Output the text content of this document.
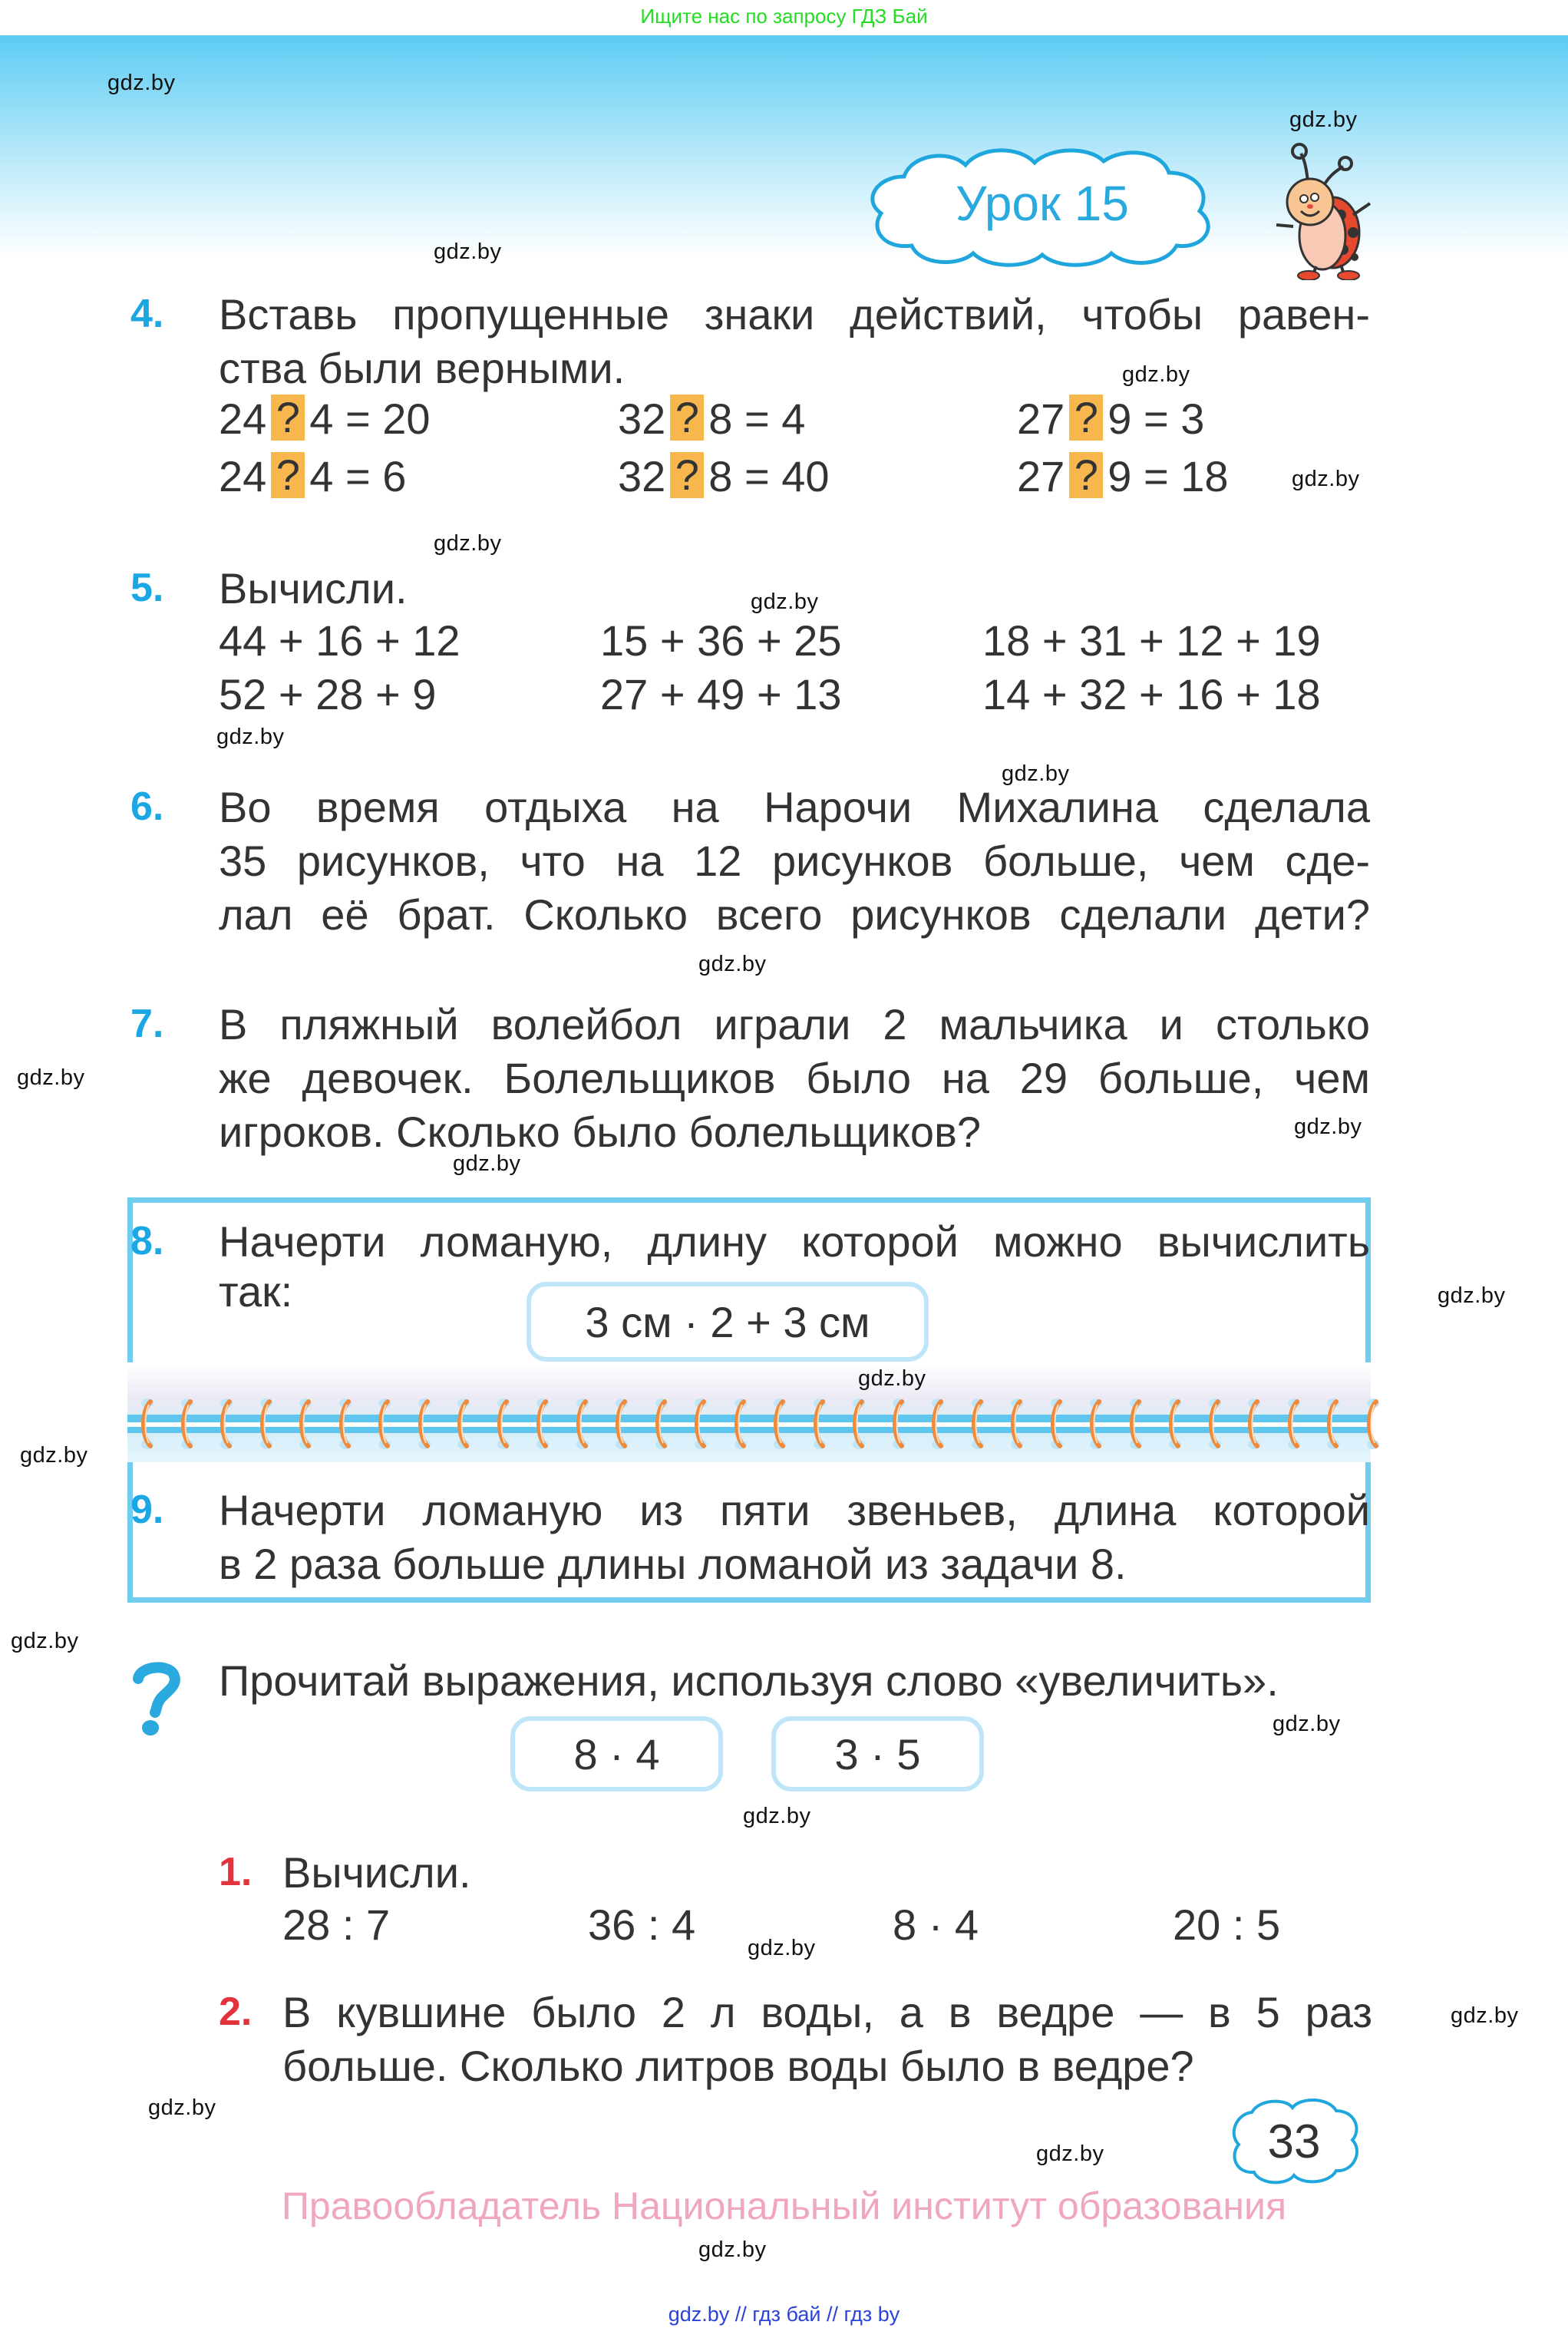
Ищите нас по запросу ГДЗ Бай
Урок 15
4. Вставь пропущенные знаки действий, чтобы равен-
ства были верными.
24 ? 4 = 20	32 ? 8 = 4	27 ? 9 = 3
24 ? 4 = 6	32 ? 8 = 40	27 ? 9 = 18
5. Вычисли.
44 + 16 + 12	15 + 36 + 25	18 + 31 + 12 + 19
52 + 28 + 9	27 + 49 + 13	14 + 32 + 16 + 18
6. Во время отдыха на Нарочи Михалина сделала
35 рисунков, что на 12 рисунков больше, чем сде-
лал её брат. Сколько всего рисунков сделали дети?
7. В пляжный волейбол играли 2 мальчика и столько
же девочек. Болельщиков было на 29 больше, чем
игроков. Сколько было болельщиков?
8. Начерти ломаную, длину которой можно вычислить
так:
3 см · 2 + 3 см
9. Начерти ломаную из пяти звеньев, длина которой
в 2 раза больше длины ломаной из задачи 8.
Прочитай выражения, используя слово «увеличить».
8 · 4	3 · 5
1. Вычисли.
28 : 7	36 : 4	8 · 4	20 : 5
2. В кувшине было 2 л воды, а в ведре — в 5 раз
больше. Сколько литров воды было в ведре?
33
Правообладатель Национальный институт образования
gdz.by // гдз бай // гдз by
gdz.by
gdz.by
gdz.by
gdz.by
gdz.by
gdz.by
gdz.by
gdz.by
gdz.by
gdz.by
gdz.by
gdz.by
gdz.by
gdz.by
gdz.by
gdz.by
gdz.by
gdz.by
gdz.by
gdz.by
gdz.by
gdz.by
gdz.by
gdz.by
